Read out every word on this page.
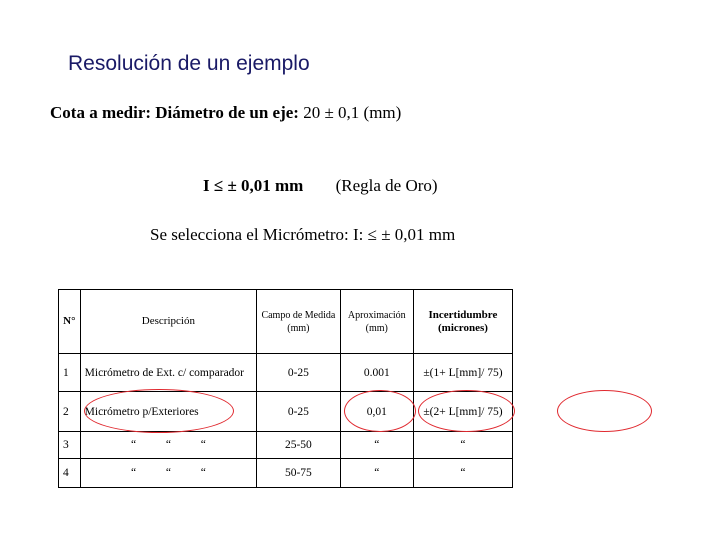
Resolución de un ejemplo
Cota a medir: Diámetro de un eje: 20 ± 0,1 (mm)
I ≤ ± 0,01 mm (Regla de Oro)
Se selecciona el Micrómetro: I: ≤ ± 0,01 mm
N°	Descripción	Campo de Medida (mm)	Aproximación (mm)	Incertidumbre (micrones)
1	Micrómetro de Ext. c/ comparador	0-25	0.001	±(1+ L[mm]/ 75)
2	Micrómetro p/Exteriores	0-25	0,01	±(2+ L[mm]/ 75)
3	“ “ “	25-50	“	“
4	“ “ “	50-75	“	“
